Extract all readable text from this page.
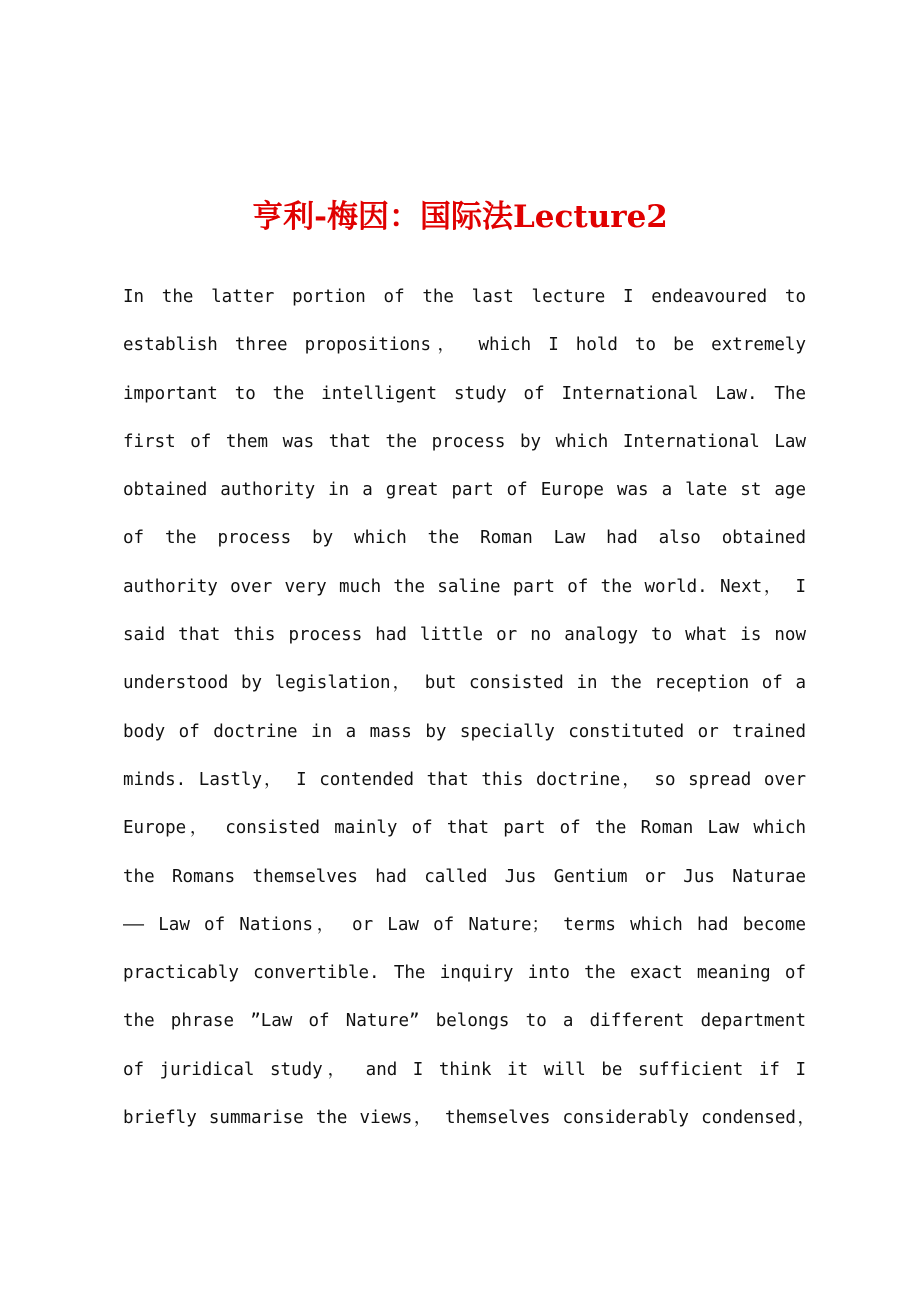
亨利-梅因：国际法Lecture2
In the latter portion of the last lecture I endeavoured to
establish three propositions， which I hold to be extremely
important to the intelligent study of International Law. The
first of them was that the process by which International Law
obtained authority in a great part of Europe was a late st age
of the process by which the Roman Law had also obtained
authority over very much the saline part of the world. Next， I
said that this process had little or no analogy to what is now
understood by legislation， but consisted in the reception of a
body of doctrine in a mass by specially constituted or trained
minds. Lastly， I contended that this doctrine， so spread over
Europe， consisted mainly of that part of the Roman Law which
the Romans themselves had called Jus Gentium or Jus Naturae
—— Law of Nations， or Law of Nature； terms which had become
practicably convertible. The inquiry into the exact meaning of
the phrase ”Law of Nature” belongs to a different department
of juridical study， and I think it will be sufficient if I
briefly summarise the views， themselves considerably condensed，
